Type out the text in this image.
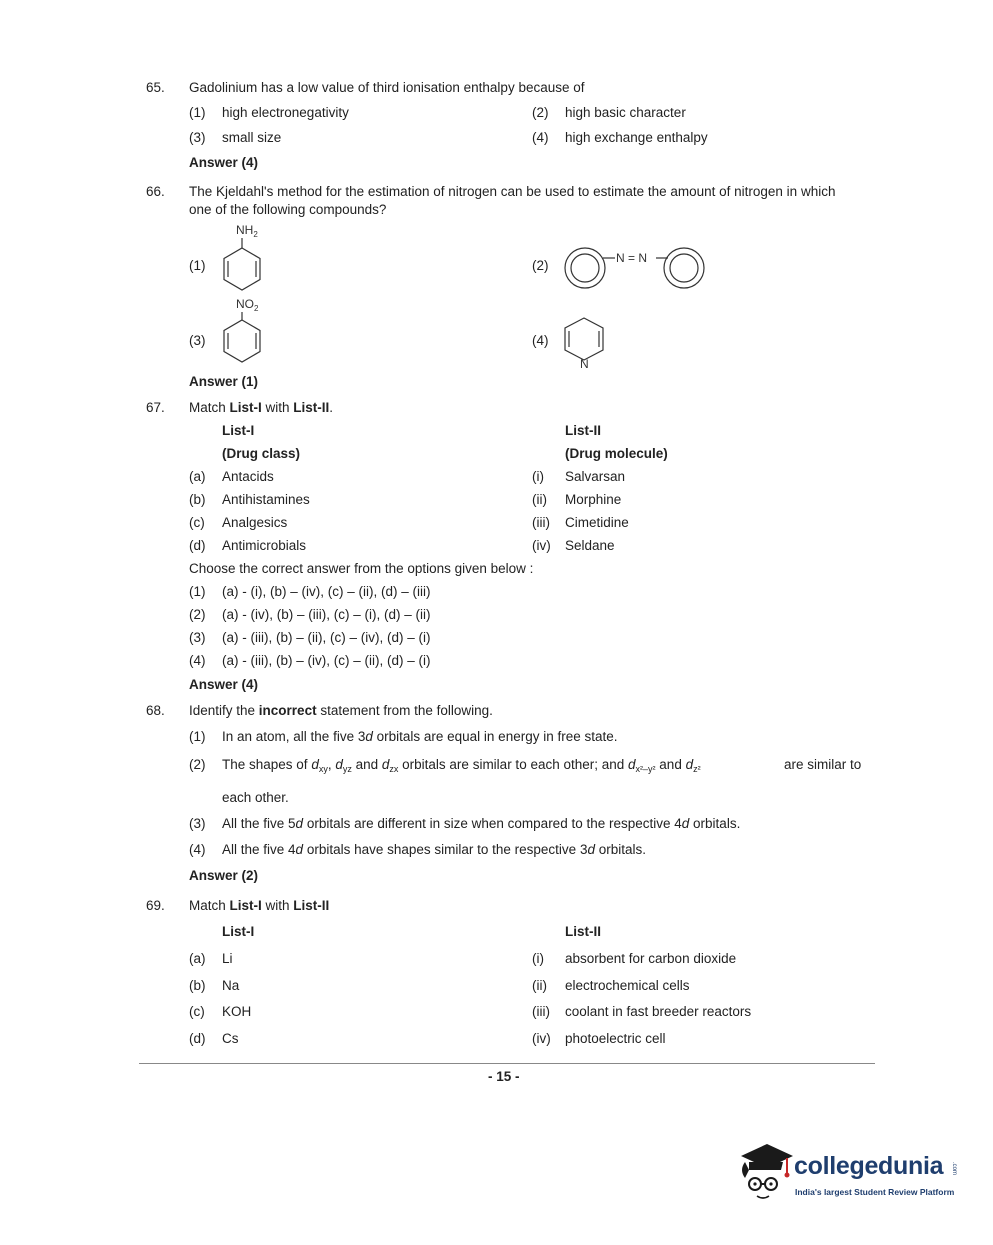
65. Gadolinium has a low value of third ionisation enthalpy because of
(1) high electronegativity	(2) high basic character
(3) small size	(4) high exchange enthalpy
Answer (4)
66. The Kjeldahl's method for the estimation of nitrogen can be used to estimate the amount of nitrogen in which
one of the following compounds?
(1)	(2)
(3)	(4)
$NH_2$
$NO_2$
N = N
N
Answer (1)
67. Match List-I with List-II.
List-I	List-II
(Drug class)	(Drug molecule)
(a) Antacids	(i) Salvarsan
(b) Antihistamines	(ii) Morphine
(c) Analgesics	(iii) Cimetidine
(d) Antimicrobials	(iv) Seldane
Choose the correct answer from the options given below :
(1) (a) - (i), (b) – (iv), (c) – (ii), (d) – (iii)
(2) (a) - (iv), (b) – (iii), (c) – (i), (d) – (ii)
(3) (a) - (iii), (b) – (ii), (c) – (iv), (d) – (i)
(4) (a) - (iii), (b) – (iv), (c) – (ii), (d) – (i)
Answer (4)
68. Identify the incorrect statement from the following.
(1) In an atom, all the five 3d orbitals are equal in energy in free state.
(2) The shapes of $d_{xy}$, $d_{yz}$ and $d_{zx}$ orbitals are similar to each other; and $d_{x^2-y^2}$ and $d_{z^2}$	are similar to
each other.
(3) All the five 5d orbitals are different in size when compared to the respective 4d orbitals.
(4) All the five 4d orbitals have shapes similar to the respective 3d orbitals.
Answer (2)
69. Match List-I with List-II
List-I	List-II
(a) Li	(i) absorbent for carbon dioxide
(b) Na	(ii) electrochemical cells
(c) KOH	(iii) coolant in fast breeder reactors
(d) Cs	(iv) photoelectric cell
- 15 -
collegedunia .com
India's largest Student Review Platform
